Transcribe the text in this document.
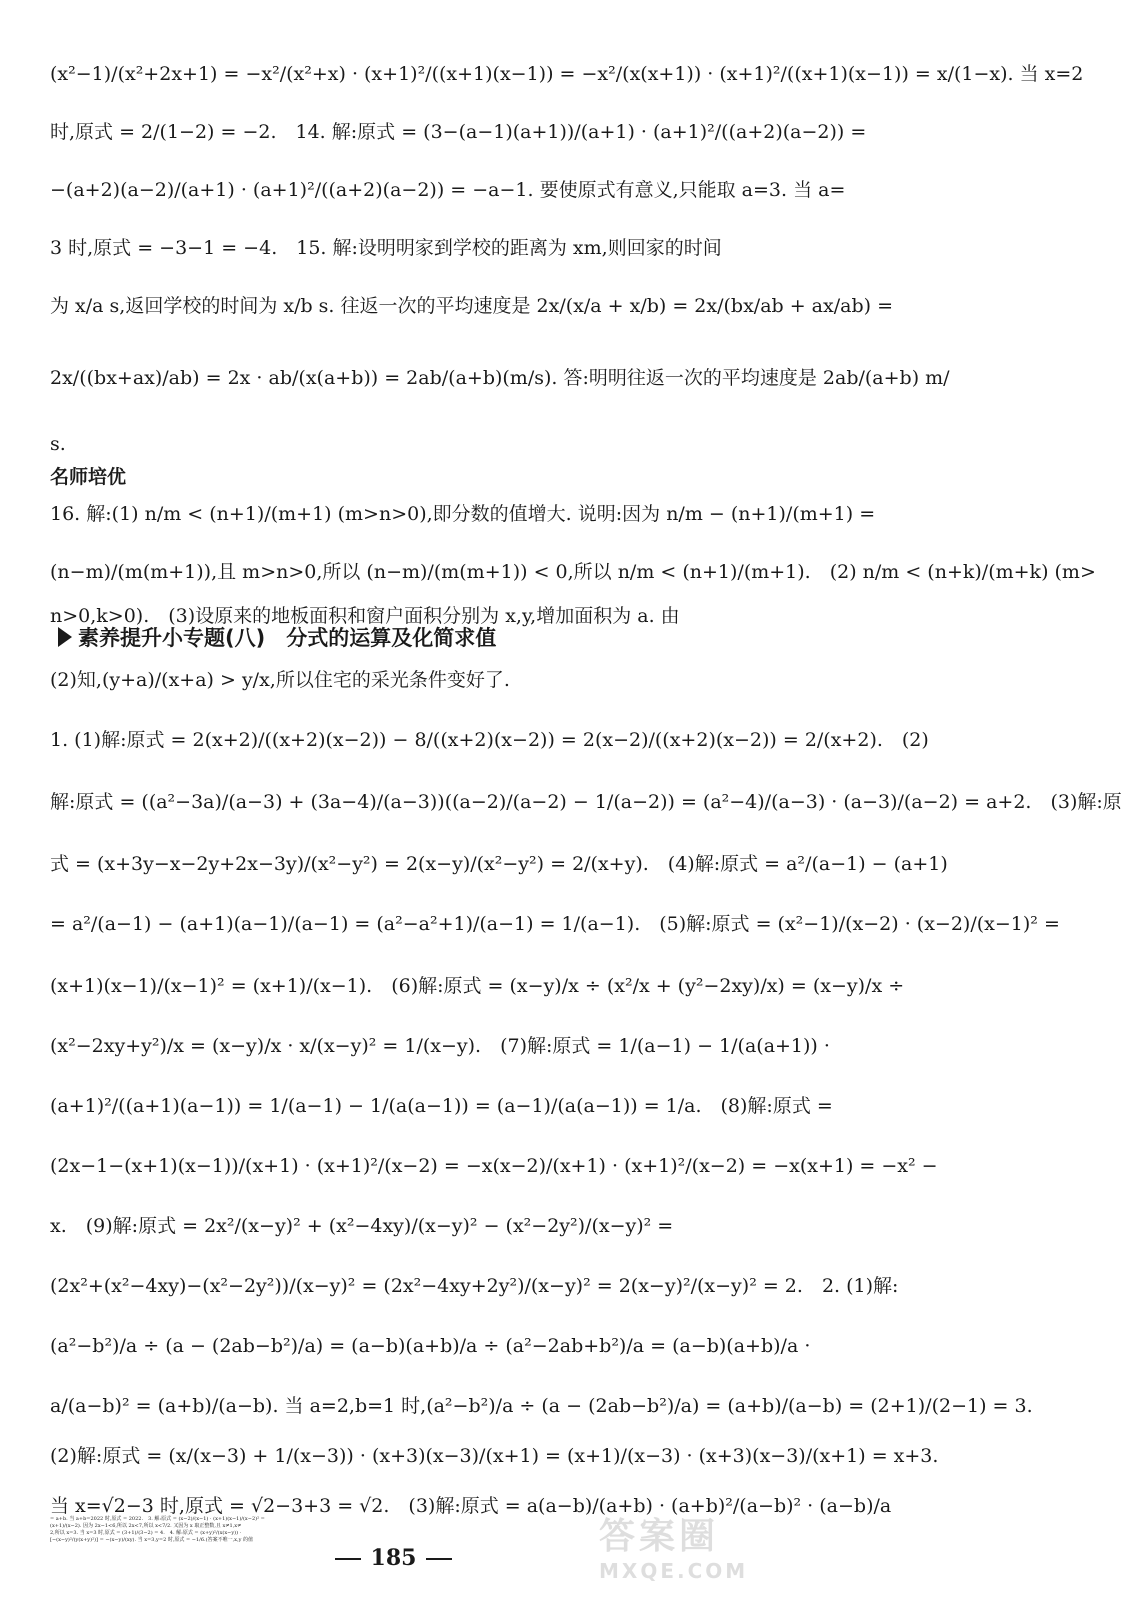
(x²−1)/(x²+2x+1) = −x²/(x²+x) · (x+1)²/((x+1)(x−1)) = −x²/(x(x+1)) · (x+1)²/((x+1)(x−1)) = x/(1−x). 当 x=2
时,原式 = 2/(1−2) = −2.　14. 解:原式 = (3−(a−1)(a+1))/(a+1) · (a+1)²/((a+2)(a−2)) =
−(a+2)(a−2)/(a+1) · (a+1)²/((a+2)(a−2)) = −a−1. 要使原式有意义,只能取 a=3. 当 a=
3 时,原式 = −3−1 = −4.　15. 解:设明明家到学校的距离为 xm,则回家的时间
为 x/a s,返回学校的时间为 x/b s. 往返一次的平均速度是 2x/(x/a + x/b) = 2x/(bx/ab + ax/ab) =
2x/((bx+ax)/ab) = 2x · ab/(x(a+b)) = 2ab/(a+b)(m/s). 答:明明往返一次的平均速度是 2ab/(a+b) m/
s.
16. 解:(1) n/m < (n+1)/(m+1) (m>n>0),即分数的值增大. 说明:因为 n/m − (n+1)/(m+1) =
(n−m)/(m(m+1)),且 m>n>0,所以 (n−m)/(m(m+1)) < 0,所以 n/m < (n+1)/(m+1).　(2) n/m < (n+k)/(m+k) (m>
n>0,k>0).　(3)设原来的地板面积和窗户面积分别为 x,y,增加面积为 a. 由
(2)知,(y+a)/(x+a) > y/x,所以住宅的采光条件变好了.
1. (1)解:原式 = 2(x+2)/((x+2)(x−2)) − 8/((x+2)(x−2)) = 2(x−2)/((x+2)(x−2)) = 2/(x+2).　(2)
解:原式 = ((a²−3a)/(a−3) + (3a−4)/(a−3))((a−2)/(a−2) − 1/(a−2)) = (a²−4)/(a−3) · (a−3)/(a−2) = a+2.　(3)解:原
式 = (x+3y−x−2y+2x−3y)/(x²−y²) = 2(x−y)/(x²−y²) = 2/(x+y).　(4)解:原式 = a²/(a−1) − (a+1)
= a²/(a−1) − (a+1)(a−1)/(a−1) = (a²−a²+1)/(a−1) = 1/(a−1).　(5)解:原式 = (x²−1)/(x−2) · (x−2)/(x−1)² =
(x+1)(x−1)/(x−1)² = (x+1)/(x−1).　(6)解:原式 = (x−y)/x ÷ (x²/x + (y²−2xy)/x) = (x−y)/x ÷
(x²−2xy+y²)/x = (x−y)/x · x/(x−y)² = 1/(x−y).　(7)解:原式 = 1/(a−1) − 1/(a(a+1)) ·
(a+1)²/((a+1)(a−1)) = 1/(a−1) − 1/(a(a−1)) = (a−1)/(a(a−1)) = 1/a.　(8)解:原式 =
(2x−1−(x+1)(x−1))/(x+1) · (x+1)²/(x−2) = −x(x−2)/(x+1) · (x+1)²/(x−2) = −x(x+1) = −x² −
x.　(9)解:原式 = 2x²/(x−y)² + (x²−4xy)/(x−y)² − (x²−2y²)/(x−y)² =
(2x²+(x²−4xy)−(x²−2y²))/(x−y)² = (2x²−4xy+2y²)/(x−y)² = 2(x−y)²/(x−y)² = 2.　2. (1)解:
(a²−b²)/a ÷ (a − (2ab−b²)/a) = (a−b)(a+b)/a ÷ (a²−2ab+b²)/a = (a−b)(a+b)/a ·
a/(a−b)² = (a+b)/(a−b). 当 a=2,b=1 时,(a²−b²)/a ÷ (a − (2ab−b²)/a) = (a+b)/(a−b) = (2+1)/(2−1) = 3.
(2)解:原式 = (x/(x−3) + 1/(x−3)) · (x+3)(x−3)/(x+1) = (x+1)/(x−3) · (x+3)(x−3)/(x+1) = x+3.
当 x=√2−3 时,原式 = √2−3+3 = √2.　(3)解:原式 = a(a−b)/(a+b) · (a+b)²/(a−b)² · (a−b)/a
= a+b. 当 a+b=2022 时,原式 = 2022.　3. 解:原式 = (x−2)/(x−1) · (x+1)(x−1)/(x−2)² =
(x+1)/(x−2). 因为 2x−1<6,所以 2x<7,所以 x<7/2. 又因为 x 取正整数,且 x≠1,x≠
2,所以 x=3. 当 x=3 时,原式 = (3+1)/(3−2) = 4.　4. 解:原式 = (x+y)²/(x(x−y)) ·
[−(x−y)²/(y(x+y)²)] = −(x−y)/(xy). 当 x=3,y=2 时,原式 = −1/6.(答案不唯一,x,y 的值
名师培优
素养提升小专题(八)　分式的运算及化简求值
185
答案圈
MXQE.COM
